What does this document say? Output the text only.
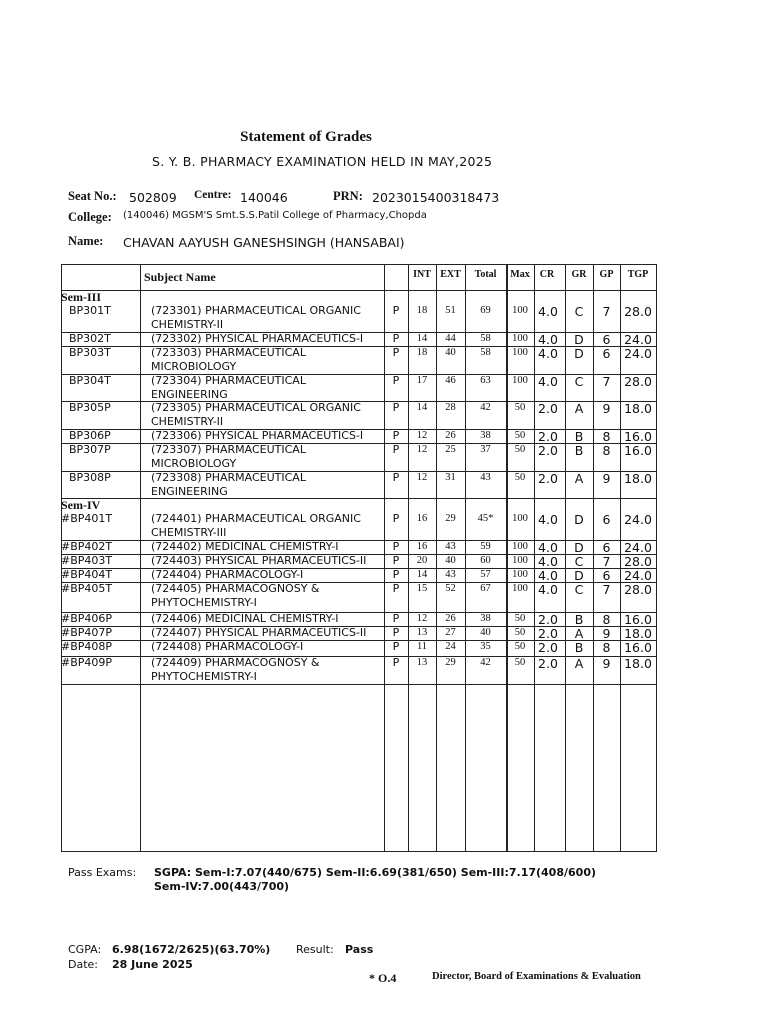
Statement of Grades
S. Y. B. PHARMACY EXAMINATION HELD IN MAY,2025
Seat No.: 502809 Centre: 140046	PRN: 2023015400318473
College: (140046) MGSM'S Smt.S.S.Patil College of Pharmacy,Chopda
Name: CHAVAN AAYUSH GANESHSINGH (HANSABAI)
Subject Name	INT EXT	Total	Max	CR	GR	GP	TGP
Sem-III
Sem-IV
BP301T	(723301) PHARMACEUTICAL ORGANIC CHEMISTRY-II
P	18	51	69	100 4.0	C	7	28.0
BP302T	(723302) PHYSICAL PHARMACEUTICS-I	P	14	44	58	100 4.0	D	6	24.0
BP303T	(723303) PHARMACEUTICAL MICROBIOLOGY
P	18	40	58	100 4.0	D	6	24.0
BP304T	(723304) PHARMACEUTICAL ENGINEERING
P	17	46	63	100 4.0	C	7	28.0
BP305P	(723305) PHARMACEUTICAL ORGANIC CHEMISTRY-II
P	14	28	42	50	2.0	A	9	18.0
BP306P	(723306) PHYSICAL PHARMACEUTICS-I	P	12	26	38	50	2.0	B	8	16.0
BP307P	(723307) PHARMACEUTICAL MICROBIOLOGY
P	12	25	37	50	2.0	B	8	16.0
BP308P	(723308) PHARMACEUTICAL ENGINEERING
P	12	31	43	50	2.0	A	9	18.0
#BP401T	(724401) PHARMACEUTICAL ORGANIC CHEMISTRY-III
P	16	29	45*	100 4.0	D	6	24.0
#BP402T	(724402) MEDICINAL CHEMISTRY-I	P	16	43	59	100 4.0	D	6	24.0
#BP403T	(724403) PHYSICAL PHARMACEUTICS-II	P	20	40	60	100 4.0	C	7	28.0
#BP404T	(724404) PHARMACOLOGY-I	P	14	43	57	100 4.0	D	6	24.0
#BP405T	(724405) PHARMACOGNOSY & PHYTOCHEMISTRY-I
P	15	52	67	100 4.0	C	7	28.0
#BP406P	(724406) MEDICINAL CHEMISTRY-I	P	12	26	38	50	2.0	B	8	16.0
#BP407P	(724407) PHYSICAL PHARMACEUTICS-II	P	13	27	40	50	2.0	A	9	18.0
#BP408P	(724408) PHARMACOLOGY-I	P	11	24	35	50	2.0	B	8	16.0
#BP409P	(724409) PHARMACOGNOSY & PHYTOCHEMISTRY-I
P	13	29	42	50	2.0	A	9	18.0
Pass Exams: SGPA: Sem-I:7.07(440/675) Sem-II:6.69(381/650) Sem-III:7.17(408/600)
Sem-IV:7.00(443/700)
CGPA: 6.98(1672/2625)(63.70%) Result: Pass
Date: 28 June 2025
* O.4	Director, Board of Examinations & Evaluation
